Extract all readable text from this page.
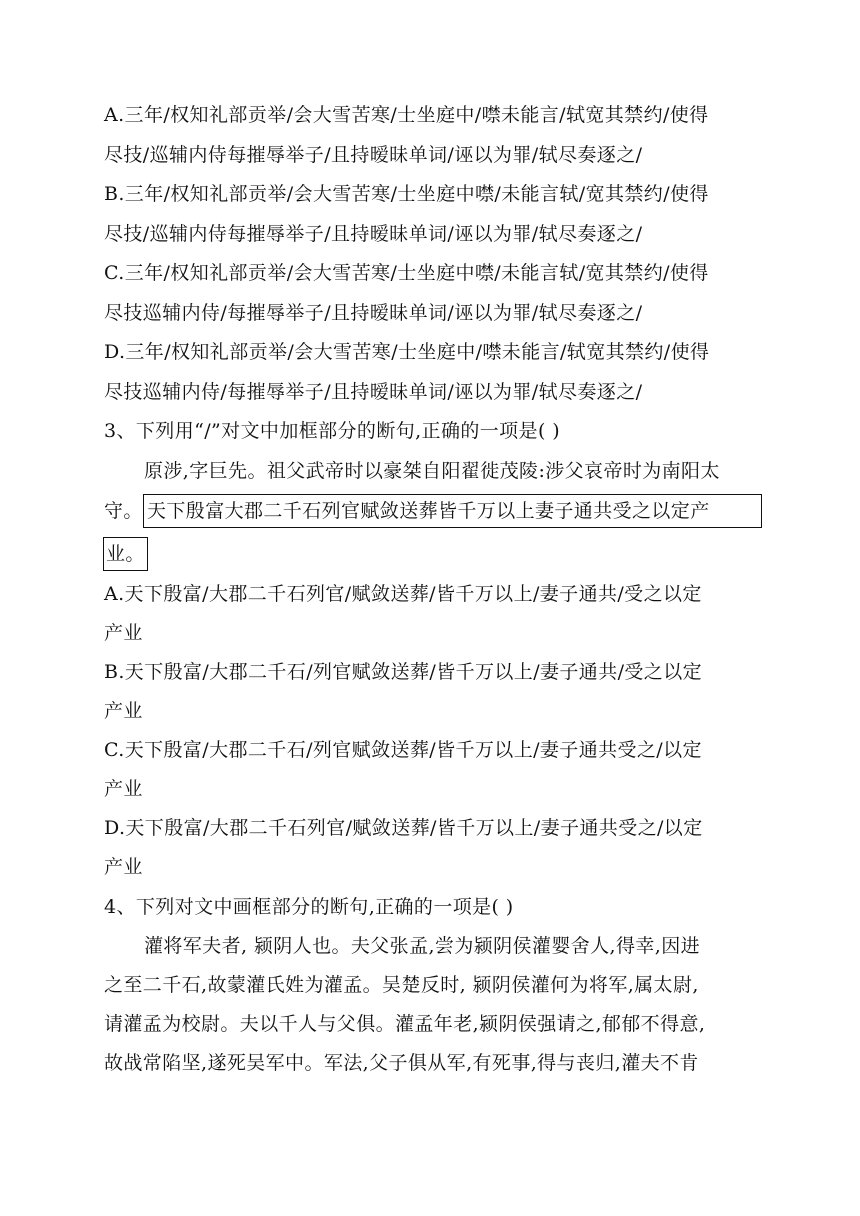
A.三年/权知礼部贡举/会大雪苦寒/士坐庭中/噤未能言/轼宽其禁约/使得
尽技/巡辅内侍每摧辱举子/且持暧昧单词/诬以为罪/轼尽奏逐之/
B.三年/权知礼部贡举/会大雪苦寒/士坐庭中噤/未能言轼/宽其禁约/使得
尽技/巡辅内侍每摧辱举子/且持暧昧单词/诬以为罪/轼尽奏逐之/
C.三年/权知礼部贡举/会大雪苦寒/士坐庭中噤/未能言轼/宽其禁约/使得
尽技巡辅内侍/每摧辱举子/且持暧昧单词/诬以为罪/轼尽奏逐之/
D.三年/权知礼部贡举/会大雪苦寒/士坐庭中/噤未能言/轼宽其禁约/使得
尽技巡辅内侍/每摧辱举子/且持暧昧单词/诬以为罪/轼尽奏逐之/
3、下列用“/”对文中加框部分的断句,正确的一项是( )
原涉,字巨先。祖父武帝时以豪桀自阳翟徙茂陵:涉父哀帝时为南阳太
守。 天下殷富大郡二千石列官赋敛送葬皆千万以上妻子通共受之以定产
业。
A.天下殷富/大郡二千石列官/赋敛送葬/皆千万以上/妻子通共/受之以定
产业
B.天下殷富/大郡二千石/列官赋敛送葬/皆千万以上/妻子通共/受之以定
产业
C.天下殷富/大郡二千石/列官赋敛送葬/皆千万以上/妻子通共受之/以定
产业
D.天下殷富/大郡二千石列官/赋敛送葬/皆千万以上/妻子通共受之/以定
产业
4、下列对文中画框部分的断句,正确的一项是( )
灌将军夫者, 颍阴人也。夫父张孟,尝为颍阴侯灌婴舍人,得幸,因进
之至二千石,故蒙灌氏姓为灌孟。吴楚反时, 颍阴侯灌何为将军,属太尉,
请灌孟为校尉。夫以千人与父俱。灌孟年老,颍阴侯强请之,郁郁不得意,
故战常陷坚,遂死吴军中。军法,父子俱从军,有死事,得与丧归,灌夫不肯
